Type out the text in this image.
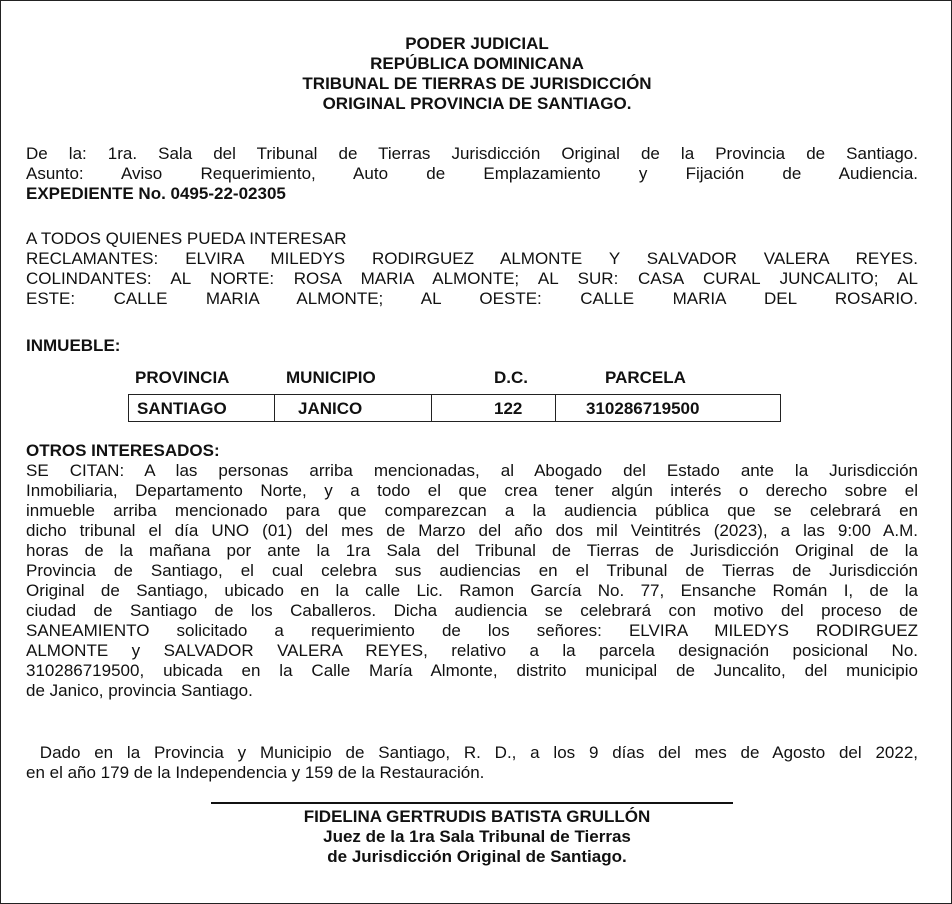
PODER JUDICIAL
REPÚBLICA DOMINICANA
TRIBUNAL DE TIERRAS DE JURISDICCIÓN
ORIGINAL PROVINCIA DE SANTIAGO.
De la: 1ra. Sala del Tribunal de Tierras Jurisdicción Original de la Provincia de Santiago.
Asunto: Aviso Requerimiento, Auto de Emplazamiento y Fijación de Audiencia.
EXPEDIENTE No. 0495-22-02305
A TODOS QUIENES PUEDA INTERESAR
RECLAMANTES: ELVIRA MILEDYS RODIRGUEZ ALMONTE Y SALVADOR VALERA REYES.
COLINDANTES: AL NORTE: ROSA MARIA ALMONTE; AL SUR: CASA CURAL JUNCALITO; AL
ESTE: CALLE MARIA ALMONTE; AL OESTE: CALLE MARIA DEL ROSARIO.
INMUEBLE:
PROVINCIA	MUNICIPIO	D.C.	PARCELA
SANTIAGO	JANICO	122	310286719500
OTROS INTERESADOS:
SE CITAN: A las personas arriba mencionadas, al Abogado del Estado ante la Jurisdicción
Inmobiliaria, Departamento Norte, y a todo el que crea tener algún interés o derecho sobre el
inmueble arriba mencionado para que comparezcan a la audiencia pública que se celebrará en
dicho tribunal el día UNO (01) del mes de Marzo del año dos mil Veintitrés (2023), a las 9:00 A.M.
horas de la mañana por ante la 1ra Sala del Tribunal de Tierras de Jurisdicción Original de la
Provincia de Santiago, el cual celebra sus audiencias en el Tribunal de Tierras de Jurisdicción
Original de Santiago, ubicado en la calle Lic. Ramon García No. 77, Ensanche Román I, de la
ciudad de Santiago de los Caballeros. Dicha audiencia se celebrará con motivo del proceso de
SANEAMIENTO solicitado a requerimiento de los señores: ELVIRA MILEDYS RODIRGUEZ
ALMONTE y SALVADOR VALERA REYES, relativo a la parcela designación posicional No.
310286719500, ubicada en la Calle María Almonte, distrito municipal de Juncalito, del municipio
de Janico, provincia Santiago.
Dado en la Provincia y Municipio de Santiago, R. D., a los 9 días del mes de Agosto del 2022,
en el año 179 de la Independencia y 159 de la Restauración.
FIDELINA GERTRUDIS BATISTA GRULLÓN
Juez de la 1ra Sala Tribunal de Tierras
de Jurisdicción Original de Santiago.
